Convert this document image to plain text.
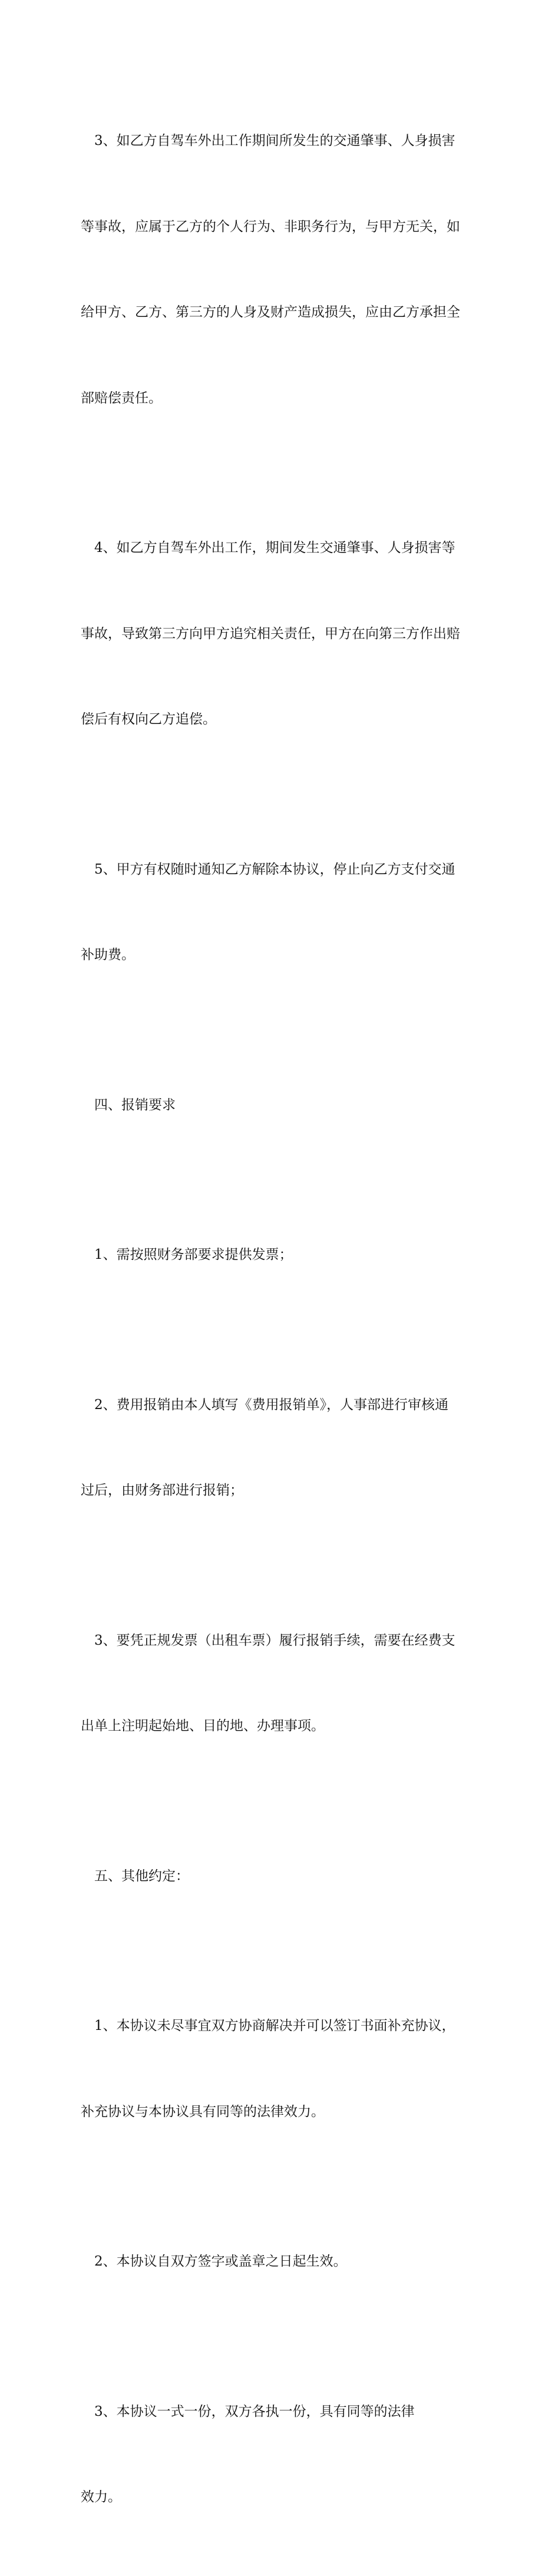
3、如乙方自驾车外出工作期间所发生的交通肇事、人身损害

等事故，应属于乙方的个人行为、非职务行为，与甲方无关，如

给甲方、乙方、第三方的人身及财产造成损失，应由乙方承担全

部赔偿责任。

4、如乙方自驾车外出工作，期间发生交通肇事、人身损害等

事故，导致第三方向甲方追究相关责任，甲方在向第三方作出赔

偿后有权向乙方追偿。

5、甲方有权随时通知乙方解除本协议，停止向乙方支付交通

补助费。

四、报销要求

1、需按照财务部要求提供发票；

2、费用报销由本人填写《费用报销单》，人事部进行审核通

过后，由财务部进行报销；

3、要凭正规发票（出租车票）履行报销手续，需要在经费支

出单上注明起始地、目的地、办理事项。

五、其他约定：

1、本协议未尽事宜双方协商解决并可以签订书面补充协议，

补充协议与本协议具有同等的法律效力。

2、本协议自双方签字或盖章之日起生效。

3、本协议一式一份，双方各执一份，具有同等的法律

效力。
